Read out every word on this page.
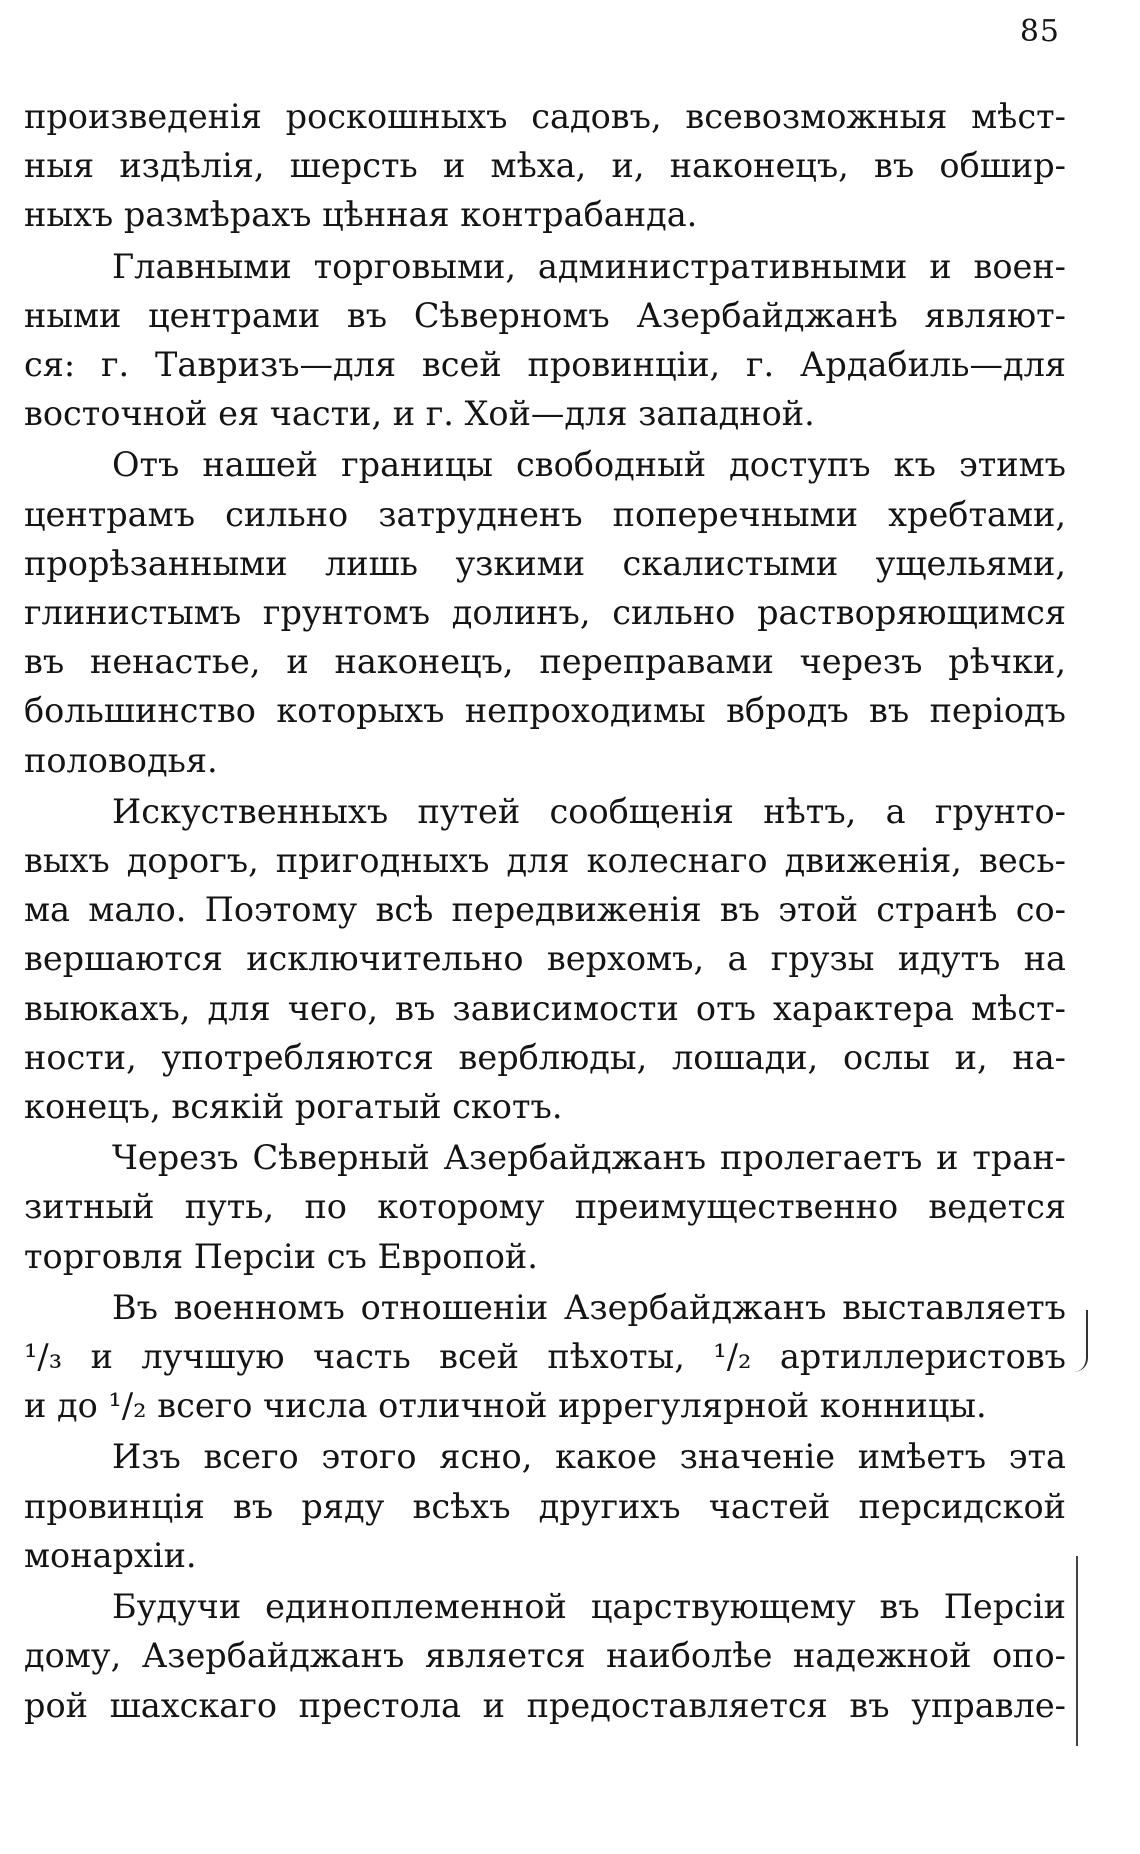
85

произведенія роскошныхъ садовъ, всевозможныя мѣст-
ныя издѣлія, шерсть и мѣха, и, наконецъ, въ обшир-
ныхъ размѣрахъ цѣнная контрабанда.

Главными торговыми, административными и воен-
ными центрами въ Сѣверномъ Азербайджанѣ являют-
ся: г. Тавризъ—для всей провинціи, г. Ардабиль—для
восточной ея части, и г. Хой—для западной.

Отъ нашей границы свободный доступъ къ этимъ
центрамъ сильно затрудненъ поперечными хребтами,
прорѣзанными лишь узкими скалистыми ущельями,
глинистымъ грунтомъ долинъ, сильно растворяющимся
въ ненастье, и наконецъ, переправами черезъ рѣчки,
большинство которыхъ непроходимы вбродъ въ періодъ
половодья.

Искуственныхъ путей сообщенія нѣтъ, а грунто-
выхъ дорогъ, пригодныхъ для колеснаго движенія, весь-
ма мало. Поэтому всѣ передвиженія въ этой странѣ со-
вершаются исключительно верхомъ, а грузы идутъ на
выюкахъ, для чего, въ зависимости отъ характера мѣст-
ности, употребляются верблюды, лошади, ослы и, на-
конецъ, всякій рогатый скотъ.

Черезъ Сѣверный Азербайджанъ пролегаетъ и тран-
зитный путь, по которому преимущественно ведется
торговля Персіи съ Европой.

Въ военномъ отношеніи Азербайджанъ выставляетъ
¹/₃ и лучшую часть всей пѣхоты, ¹/₂ артиллеристовъ
и до ¹/₂ всего числа отличной иррегулярной конницы.

Изъ всего этого ясно, какое значеніе имѣетъ эта
провинція въ ряду всѣхъ другихъ частей персидской
монархіи.

Будучи единоплеменной царствующему въ Персіи
дому, Азербайджанъ является наиболѣе надежной опо-
рой шахскаго престола и предоставляется въ управле-
